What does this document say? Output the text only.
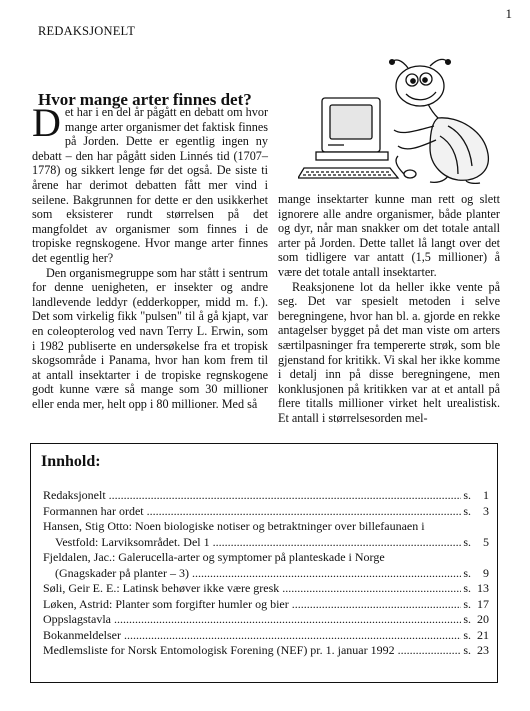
1
REDAKSJONELT
Hvor mange arter finnes det?

Det har i en del år pågått en debatt om hvor mange arter organismer det faktisk finnes på Jorden. Dette er egentlig ingen ny debatt – den har pågått siden Linnés tid (1707–1778) og sikkert lenge før det også. De siste ti årene har derimot debatten fått mer vind i seilene. Bakgrunnen for dette er den usikkerhet som eksisterer rundt størrelsen på det mangfoldet av organismer som finnes i de tropiske regnskogene. Hvor mange arter finnes det egentlig her?

Den organismegruppe som har stått i sentrum for denne uenigheten, er insekter og andre landlevende leddyr (edderkopper, midd m. f.). Det som virkelig fikk "pulsen" til å gå kjapt, var en coleopterolog ved navn Terry L. Erwin, som i 1982 publiserte en undersøkelse fra et tropisk skogsområde i Panama, hvor han kom frem til at antall insektarter i de tropiske regnskogene godt kunne være så mange som 30 millioner eller enda mer, helt opp i 80 millioner. Med så

mange insektarter kunne man rett og slett ignorere alle andre organismer, både planter og dyr, når man snakker om det totale antall arter på Jorden. Dette tallet lå langt over det som tidligere var antatt (1,5 millioner) å være det totale antall insektarter.

Reaksjonene lot da heller ikke vente på seg. Det var spesielt metoden i selve beregningene, hvor han bl. a. gjorde en rekke antagelser bygget på det man viste om arters særtilpasninger fra tempererte strøk, som ble gjenstand for kritikk. Vi skal her ikke komme i detalj inn på disse beregningene, men konklusjonen på kritikken var at et antall på flere titalls millioner virket helt urealistisk. Et antall i størrelsesorden mel-

Innhold:
Redaksjonelt .....	s.	1
Formannen har ordet .....	s.	3
Hansen, Stig Otto: Noen biologiske notiser og betraktninger over billefaunaen i
Vestfold: Larviksområdet. Del 1 .....	s.	5
Fjeldalen, Jac.: Galerucella-arter og symptomer på planteskade i Norge
(Gnagskader på planter – 3) .....	s.	9
Søli, Geir E. E.: Latinsk behøver ikke være gresk .....	s. 13
Løken, Astrid: Planter som forgifter humler og bier .....	s. 17
Oppslagstavla .....	s. 20
Bokanmeldelser .....	s. 21
Medlemsliste for Norsk Entomologisk Forening (NEF) pr. 1. januar 1992 .....	s. 23
